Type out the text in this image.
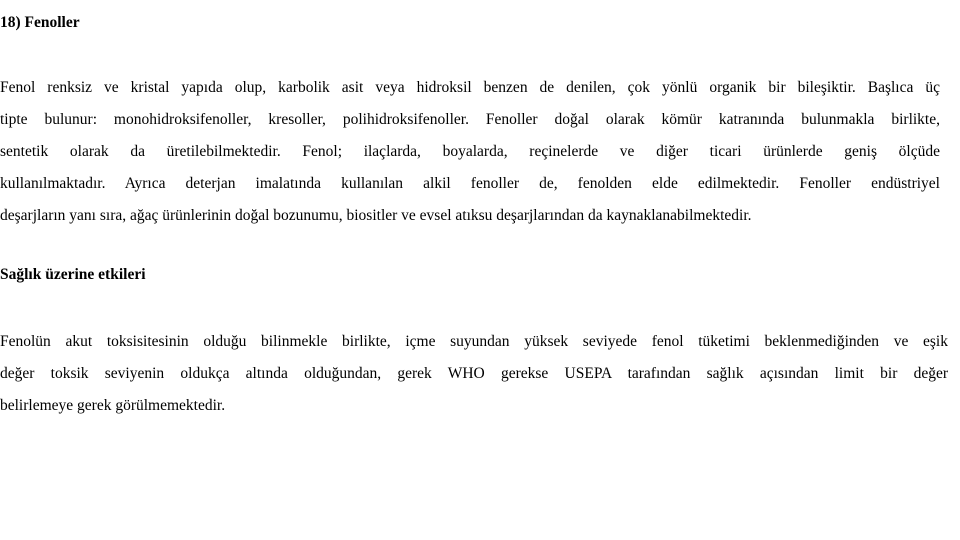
18) Fenoller

Fenol renksiz ve kristal yapıda olup, karbolik asit veya hidroksil benzen de denilen, çok yönlü organik bir bileşiktir. Başlıca üç
tipte bulunur: monohidroksifenoller, kresoller, polihidroksifenoller. Fenoller doğal olarak kömür katranında bulunmakla birlikte,
sentetik olarak da üretilebilmektedir. Fenol; ilaçlarda, boyalarda, reçinelerde ve diğer ticari ürünlerde geniş ölçüde
kullanılmaktadır. Ayrıca deterjan imalatında kullanılan alkil fenoller de, fenolden elde edilmektedir. Fenoller endüstriyel
deşarjların yanı sıra, ağaç ürünlerinin doğal bozunumu, biositler ve evsel atıksu deşarjlarından da kaynaklanabilmektedir.

Sağlık üzerine etkileri

Fenolün akut toksisitesinin olduğu bilinmekle birlikte, içme suyundan yüksek seviyede fenol tüketimi beklenmediğinden ve eşik
değer toksik seviyenin oldukça altında olduğundan, gerek WHO gerekse USEPA tarafından sağlık açısından limit bir değer
belirlemeye gerek görülmemektedir.
